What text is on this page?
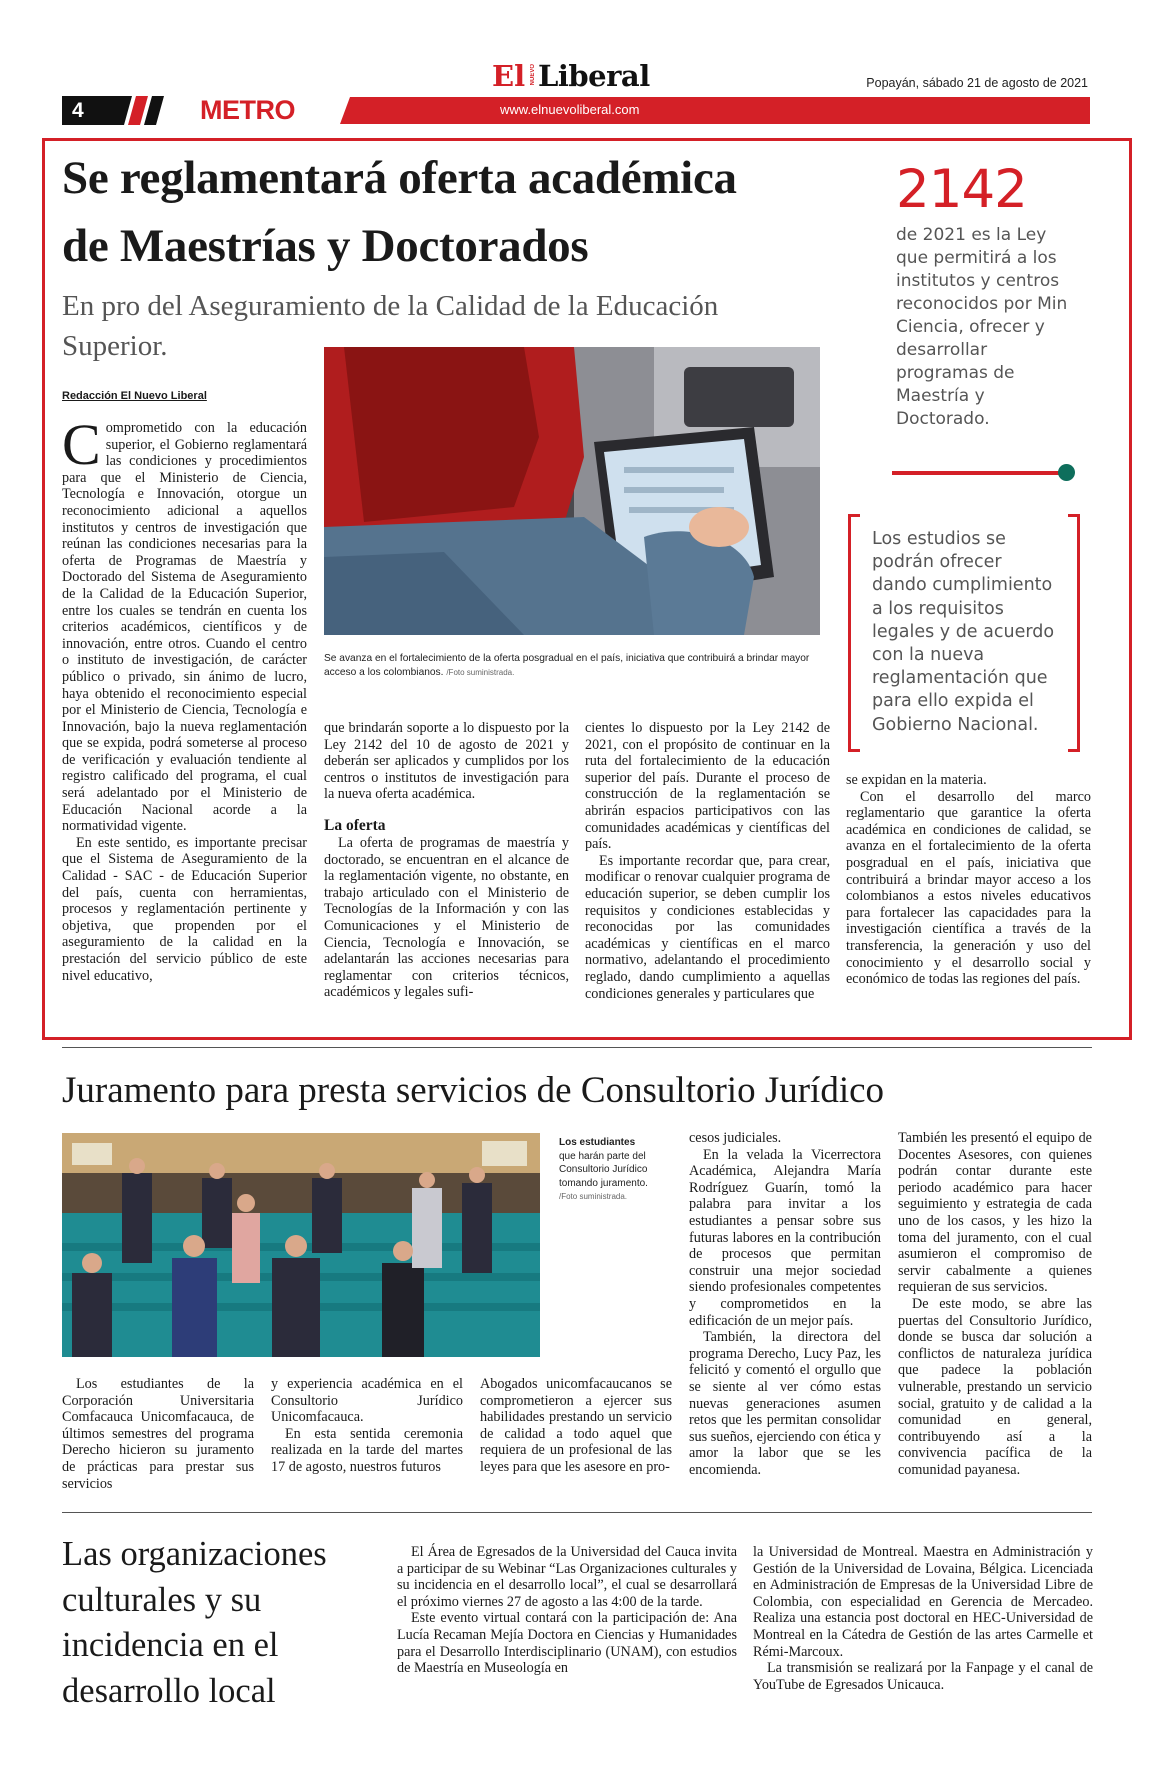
El NUEVO Liberal	Popayán, sábado 21 de agosto de 2021
4	METRO	www.elnuevoliberal.com
Se reglamentará oferta académica
de Maestrías y Doctorados
En pro del Aseguramiento de la Calidad de la Educación
Superior.
Redacción El Nuevo Liberal

Comprometido con la educación superior, el Gobierno reglamentará las condiciones y procedimientos para que el Ministerio de Ciencia, Tecnología e Innovación, otorgue un reconocimiento adicional a aquellos institutos y centros de investigación que reúnan las condiciones necesarias para la oferta de Programas de Maestría y Doctorado del Sistema de Aseguramiento de la Calidad de la Educación Superior, entre los cuales se tendrán en cuenta los criterios académicos, científicos y de innovación, entre otros. Cuando el centro o instituto de investigación, de carácter público o privado, sin ánimo de lucro, haya obtenido el reconocimiento especial por el Ministerio de Ciencia, Tecnología e Innovación, bajo la nueva reglamentación que se expida, podrá someterse al proceso de verificación y evaluación tendiente al registro calificado del programa, el cual será adelantado por el Ministerio de Educación Nacional acorde a la normatividad vigente.

En este sentido, es importante precisar que el Sistema de Aseguramiento de la Calidad - SAC - de Educación Superior del país, cuenta con herramientas, procesos y reglamentación pertinente y objetiva, que propenden por el aseguramiento de la calidad en la prestación del servicio público de este nivel educativo,

Se avanza en el fortalecimiento de la oferta posgradual en el país, iniciativa que contribuirá a brindar mayor acceso a los colombianos. /Foto suministrada.
2142
de 2021 es la Ley que permitirá a los institutos y centros reconocidos por Min Ciencia, ofrecer y desarrollar programas de Maestría y Doctorado.
Los estudios se podrán ofrecer dando cumplimiento a los requisitos legales y de acuerdo con la nueva reglamentación que para ello expida el Gobierno Nacional.

que brindarán soporte a lo dispuesto por la Ley 2142 del 10 de agosto de 2021 y deberán ser aplicados y cumplidos por los centros o institutos de investigación para la nueva oferta académica.

La oferta

La oferta de programas de maestría y doctorado, se encuentran en el alcance de la reglamentación vigente, no obstante, en trabajo articulado con el Ministerio de Tecnologías de la Información y con las Comunicaciones y el Ministerio de Ciencia, Tecnología e Innovación, se adelantarán las acciones necesarias para reglamentar con criterios técnicos, académicos y legales sufi-

cientes lo dispuesto por la Ley 2142 de 2021, con el propósito de continuar en la ruta del fortalecimiento de la educación superior del país. Durante el proceso de construcción de la reglamentación se abrirán espacios participativos con las comunidades académicas y científicas del país.

Es importante recordar que, para crear, modificar o renovar cualquier programa de educación superior, se deben cumplir los requisitos y condiciones establecidas y reconocidas por las comunidades académicas y científicas en el marco normativo, adelantando el procedimiento reglado, dando cumplimiento a aquellas condiciones generales y particulares que

se expidan en la materia.

Con el desarrollo del marco reglamentario que garantice la oferta académica en condiciones de calidad, se avanza en el fortalecimiento de la oferta posgradual en el país, iniciativa que contribuirá a brindar mayor acceso a los colombianos a estos niveles educativos para fortalecer las capacidades para la investigación científica a través de la transferencia, la generación y uso del conocimiento y el desarrollo social y económico de todas las regiones del país.

Juramento para presta servicios de Consultorio Jurídico
Los estudiantes
que harán parte del Consultorio Jurídico tomando juramento.
/Foto suministrada.

Los estudiantes de la Corporación Universitaria Comfacauca Unicomfacauca, de últimos semestres del programa Derecho hicieron su juramento de prácticas para prestar sus servicios

y experiencia académica en el Consultorio Jurídico Unicomfacauca.

En esta sentida ceremonia realizada en la tarde del martes 17 de agosto, nuestros futuros

Abogados unicomfacaucanos se comprometieron a ejercer sus habilidades prestando un servicio de calidad a todo aquel que requiera de un profesional de las leyes para que les asesore en pro-

cesos judiciales.

En la velada la Vicerrectora Académica, Alejandra María Rodríguez Guarín, tomó la palabra para invitar a los estudiantes a pensar sobre sus futuras labores en la contribución de procesos que permitan construir una mejor sociedad siendo profesionales competentes y comprometidos en la edificación de un mejor país.

También, la directora del programa Derecho, Lucy Paz, les felicitó y comentó el orgullo que se siente al ver cómo estas nuevas generaciones asumen retos que les permitan consolidar sus sueños, ejerciendo con ética y amor la labor que se les encomienda.

También les presentó el equipo de Docentes Asesores, con quienes podrán contar durante este periodo académico para hacer seguimiento y estrategia de cada uno de los casos, y les hizo la toma del juramento, con el cual asumieron el compromiso de servir cabalmente a quienes requieran de sus servicios.

De este modo, se abre las puertas del Consultorio Jurídico, donde se busca dar solución a conflictos de naturaleza jurídica que padece la población vulnerable, prestando un servicio social, gratuito y de calidad a la comunidad en general, contribuyendo así a la convivencia pacífica de la comunidad payanesa.

Las organizaciones
culturales y su
incidencia en el
desarrollo local

El Área de Egresados de la Universidad del Cauca invita a participar de su Webinar “Las Organizaciones culturales y su incidencia en el desarrollo local”, el cual se desarrollará el próximo viernes 27 de agosto a las 4:00 de la tarde.

Este evento virtual contará con la participación de: Ana Lucía Recaman Mejía Doctora en Ciencias y Humanidades para el Desarrollo Interdisciplinario (UNAM), con estudios de Maestría en Museología en

la Universidad de Montreal. Maestra en Administración y Gestión de la Universidad de Lovaina, Bélgica. Licenciada en Administración de Empresas de la Universidad Libre de Colombia, con especialidad en Gerencia de Mercadeo. Realiza una estancia post doctoral en HEC-Universidad de Montreal en la Cátedra de Gestión de las artes Carmelle et Rémi-Marcoux.

La transmisión se realizará por la Fanpage y el canal de YouTube de Egresados Unicauca.
